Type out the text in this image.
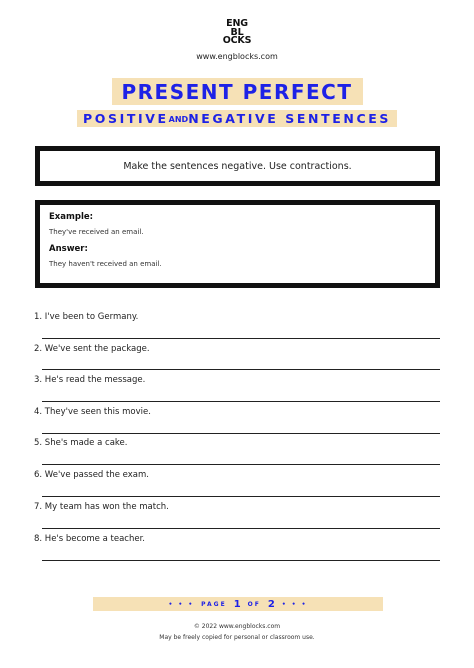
ENG
BL
OCKS
www.engblocks.com
PRESENT PERFECT
POSITIVEANDNEGATIVE SENTENCES
Make the sentences negative. Use contractions.
Example:
They've received an email.
Answer:
They haven't received an email.
1. I've been to Germany.
2. We've sent the package.
3. He's read the message.
4. They've seen this movie.
5. She's made a cake.
6. We've passed the exam.
7. My team has won the match.
8. He's become a teacher.
• • • PAGE 1 OF 2 • • •
© 2022 www.engblocks.com
May be freely copied for personal or classroom use.
